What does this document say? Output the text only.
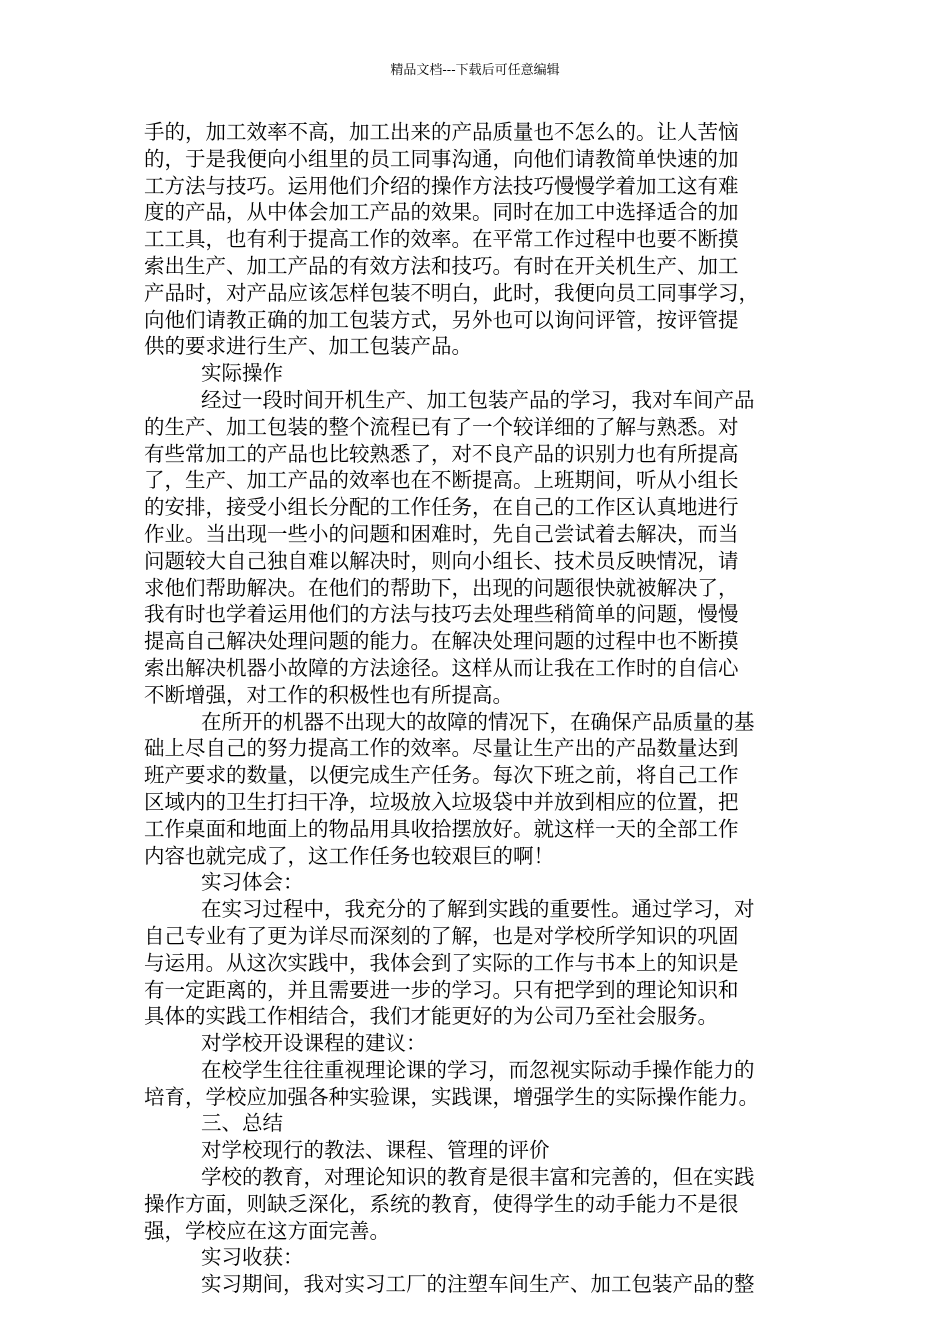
精品文档---下载后可任意编辑
手的，加工效率不高，加工出来的产品质量也不怎么的。让人苦恼
的，于是我便向小组里的员工同事沟通，向他们请教简单快速的加
工方法与技巧。运用他们介绍的操作方法技巧慢慢学着加工这有难
度的产品，从中体会加工产品的效果。同时在加工中选择适合的加
工工具，也有利于提高工作的效率。在平常工作过程中也要不断摸
索出生产、加工产品的有效方法和技巧。有时在开关机生产、加工
产品时，对产品应该怎样包装不明白，此时，我便向员工同事学习，
向他们请教正确的加工包装方式，另外也可以询问评管，按评管提
供的要求进行生产、加工包装产品。
实际操作
经过一段时间开机生产、加工包装产品的学习，我对车间产品
的生产、加工包装的整个流程已有了一个较详细的了解与熟悉。对
有些常加工的产品也比较熟悉了，对不良产品的识别力也有所提高
了，生产、加工产品的效率也在不断提高。上班期间，听从小组长
的安排，接受小组长分配的工作任务，在自己的工作区认真地进行
作业。当出现一些小的问题和困难时，先自己尝试着去解决，而当
问题较大自己独自难以解决时，则向小组长、技术员反映情况，请
求他们帮助解决。在他们的帮助下，出现的问题很快就被解决了，
我有时也学着运用他们的方法与技巧去处理些稍简单的问题，慢慢
提高自己解决处理问题的能力。在解决处理问题的过程中也不断摸
索出解决机器小故障的方法途径。这样从而让我在工作时的自信心
不断增强，对工作的积极性也有所提高。
在所开的机器不出现大的故障的情况下，在确保产品质量的基
础上尽自己的努力提高工作的效率。尽量让生产出的产品数量达到
班产要求的数量，以便完成生产任务。每次下班之前，将自己工作
区域内的卫生打扫干净，垃圾放入垃圾袋中并放到相应的位置，把
工作桌面和地面上的物品用具收拾摆放好。就这样一天的全部工作
内容也就完成了，这工作任务也较艰巨的啊！
实习体会：
在实习过程中，我充分的了解到实践的重要性。通过学习，对
自己专业有了更为详尽而深刻的了解，也是对学校所学知识的巩固
与运用。从这次实践中，我体会到了实际的工作与书本上的知识是
有一定距离的，并且需要进一步的学习。只有把学到的理论知识和
具体的实践工作相结合，我们才能更好的为公司乃至社会服务。
对学校开设课程的建议：
在校学生往往重视理论课的学习，而忽视实际动手操作能力的
培育，学校应加强各种实验课，实践课，增强学生的实际操作能力。
三、总结
对学校现行的教法、课程、管理的评价
学校的教育，对理论知识的教育是很丰富和完善的，但在实践
操作方面，则缺乏深化，系统的教育，使得学生的动手能力不是很
强，学校应在这方面完善。
实习收获：
实习期间，我对实习工厂的注塑车间生产、加工包装产品的整
